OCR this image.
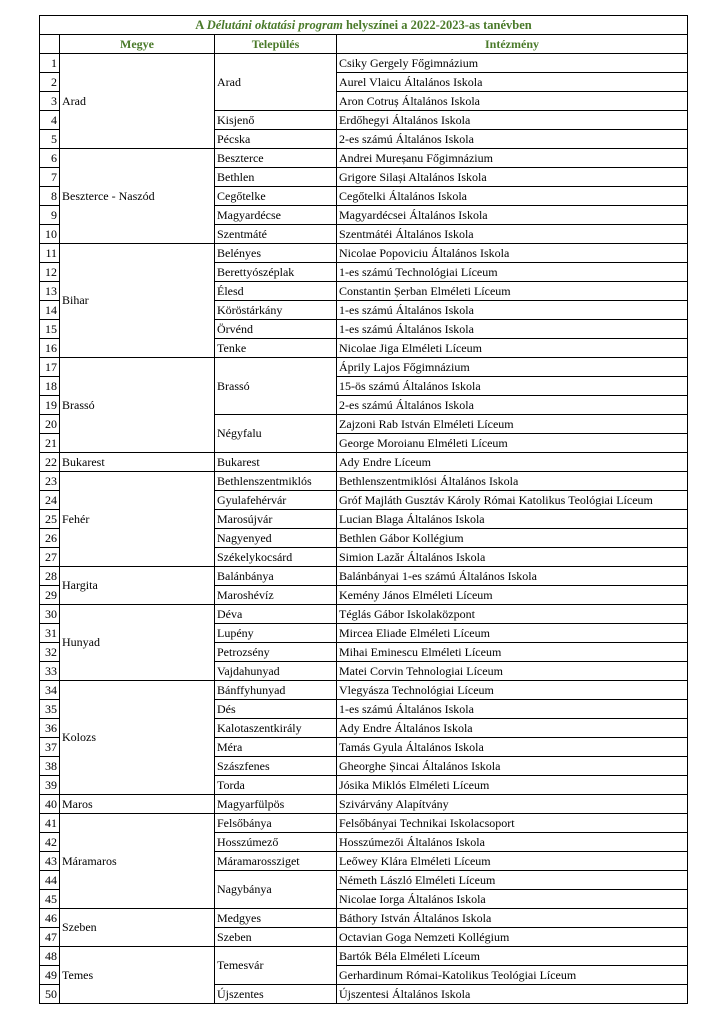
A Délutáni oktatási program helyszínei a 2022-2023-as tanévben			
	Megye	Település	Intézmény
1	Arad	Arad	Csiky Gergely Főgimnázium
2			Aurel Vlaicu Általános Iskola
3			Aron Cotruș Általános Iskola
4		Kisjenő	Erdőhegyi Általános Iskola
5		Pécska	2-es számú Általános Iskola
6	Beszterce - Naszód	Beszterce	Andrei Mureșanu Főgimnázium
7		Bethlen	Grigore Silași Altalános Iskola
8		Cegőtelke	Cegőtelki Általános Iskola
9		Magyardécse	Magyardécsei Általános Iskola
10		Szentmáté	Szentmátéi Általános Iskola
11	Bihar	Belényes	Nicolae Popoviciu Általános Iskola
12		Berettyószéplak	1-es számú Technológiai Líceum
13		Élesd	Constantin Șerban Elméleti Líceum
14		Köröstárkány	1-es számú Általános Iskola
15		Örvénd	1-es számú Általános Iskola
16		Tenke	Nicolae Jiga Elméleti Líceum
17	Brassó	Brassó	Áprily Lajos Főgimnázium
18			15-ös számú Általános Iskola
19			2-es számú Általános Iskola
20		Négyfalu	Zajzoni Rab István Elméleti Líceum
21			George Moroianu Elméleti Líceum
22	Bukarest	Bukarest	Ady Endre Líceum
23	Fehér	Bethlenszentmiklós	Bethlenszentmiklósi Általános Iskola
24		Gyulafehérvár	Gróf Majláth Gusztáv Károly Római Katolikus Teológiai Líceum
25		Marosújvár	Lucian Blaga Általános Iskola
26		Nagyenyed	Bethlen Gábor Kollégium
27		Székelykocsárd	Simion Lazăr Általános Iskola
28	Hargita	Balánbánya	Balánbányai 1-es számú Általános Iskola
29		Maroshévíz	Kemény János Elméleti Líceum
30	Hunyad	Déva	Téglás Gábor Iskolaközpont
31		Lupény	Mircea Eliade Elméleti Líceum
32		Petrozsény	Mihai Eminescu Elméleti Líceum
33		Vajdahunyad	Matei Corvin Tehnologiai Líceum
34	Kolozs	Bánffyhunyad	Vlegyásza Technológiai Líceum
35		Dés	1-es számú Általános Iskola
36		Kalotaszentkirály	Ady Endre Általános Iskola
37		Méra	Tamás Gyula Általános Iskola
38		Szászfenes	Gheorghe Șincai Általános Iskola
39		Torda	Jósika Miklós Elméleti Líceum
40	Maros	Magyarfülpös	Szivárvány Alapítvány
41	Máramaros	Felsőbánya	Felsőbányai Technikai Iskolacsoport
42		Hosszúmező	Hosszúmezői Általános Iskola
43		Máramarossziget	Leőwey Klára Elméleti Líceum
44		Nagybánya	Németh László Elméleti Líceum
45			Nicolae Iorga Általános Iskola
46	Szeben	Medgyes	Báthory István Általános Iskola
47		Szeben	Octavian Goga Nemzeti Kollégium
48	Temes	Temesvár	Bartók Béla Elméleti Líceum
49			Gerhardinum Római-Katolikus Teológiai Líceum
50		Újszentes	Újszentesi Általános Iskola
